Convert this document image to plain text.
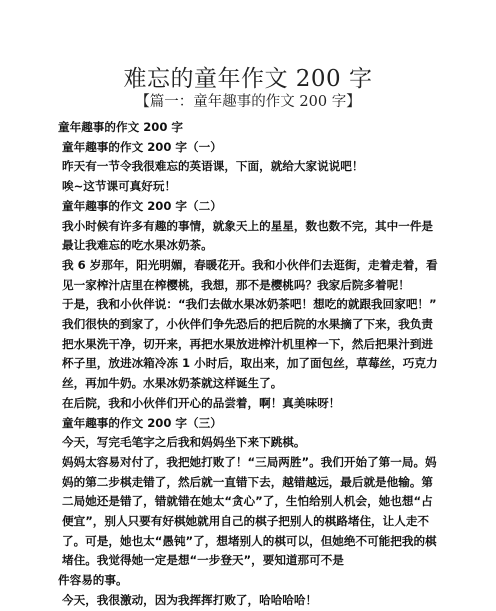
难忘的童年作文 200 字
【篇一：童年趣事的作文 200 字】

童年趣事的作文 200 字

童年趣事的作文 200 字（一）

昨天有一节令我很难忘的英语课，下面，就给大家说说吧！

唉~这节课可真好玩！

童年趣事的作文 200 字（二）

我小时候有许多有趣的事情，就象天上的星星，数也数不完，其中一件是最让我难忘的吃水果冰奶茶。

我 6 岁那年，阳光明媚，春暖花开。我和小伙伴们去逛街，走着走着，看见一家榨汁店里在榨樱桃，我想，那不是樱桃吗？我家后院多着呢！

于是，我和小伙伴说：“我们去做水果冰奶茶吧！想吃的就跟我回家吧！”

我们很快的到家了，小伙伴们争先恐后的把后院的水果摘了下来，我负责把水果洗干净，切开来，再把水果放进榨汁机里榨一下，然后把果汁到进杯子里，放进冰箱冷冻 1 小时后，取出来，加了面包丝，草莓丝，巧克力丝，再加牛奶。水果冰奶茶就这样诞生了。

在后院，我和小伙伴们开心的品尝着，啊！真美味呀！

童年趣事的作文 200 字（三）

今天，写完毛笔字之后我和妈妈坐下来下跳棋。

妈妈太容易对付了，我把她打败了！“三局两胜”。我们开始了第一局。妈妈的第二步棋走错了，然后就一直错下去，越错越远，最后就是他输。第二局她还是错了，错就错在她太“贪心”了，生怕给别人机会，她也想“占便宜”，别人只要有好棋她就用自己的棋子把别人的棋路堵住，让人走不了。可是，她也太“愚钝”了，想堵别人的棋可以，但她绝不可能把我的棋堵住。我觉得她一定是想“一步登天”，要知道那可不是

件容易的事。

今天，我很激动，因为我挥挥打败了，哈哈哈哈！
